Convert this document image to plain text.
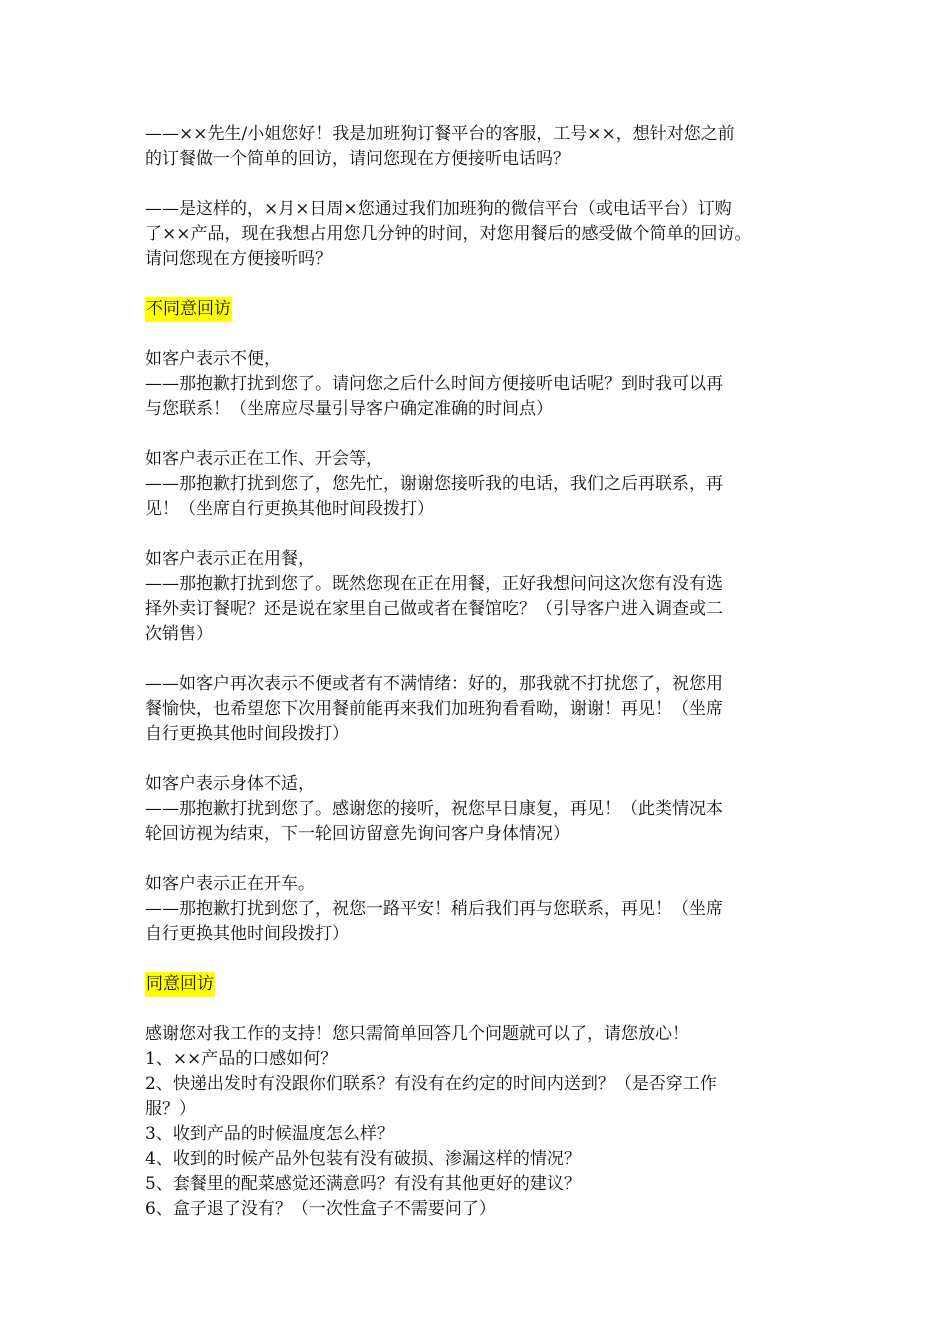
——××先生/小姐您好！我是加班狗订餐平台的客服，工号××，想针对您之前
的订餐做一个简单的回访，请问您现在方便接听电话吗？
——是这样的，×月×日周×您通过我们加班狗的微信平台（或电话平台）订购
了××产品，现在我想占用您几分钟的时间，对您用餐后的感受做个简单的回访。
请问您现在方便接听吗？
不同意回访
如客户表示不便，
——那抱歉打扰到您了。请问您之后什么时间方便接听电话呢？到时我可以再
与您联系！（坐席应尽量引导客户确定准确的时间点）
如客户表示正在工作、开会等，
——那抱歉打扰到您了，您先忙，谢谢您接听我的电话，我们之后再联系，再
见！（坐席自行更换其他时间段拨打）
如客户表示正在用餐，
——那抱歉打扰到您了。既然您现在正在用餐，正好我想问问这次您有没有选
择外卖订餐呢？还是说在家里自己做或者在餐馆吃？（引导客户进入调查或二
次销售）
——如客户再次表示不便或者有不满情绪：好的，那我就不打扰您了，祝您用
餐愉快，也希望您下次用餐前能再来我们加班狗看看呦，谢谢！再见！（坐席
自行更换其他时间段拨打）
如客户表示身体不适，
——那抱歉打扰到您了。感谢您的接听，祝您早日康复，再见！（此类情况本
轮回访视为结束，下一轮回访留意先询问客户身体情况）
如客户表示正在开车。
——那抱歉打扰到您了，祝您一路平安！稍后我们再与您联系，再见！（坐席
自行更换其他时间段拨打）
同意回访
感谢您对我工作的支持！您只需简单回答几个问题就可以了，请您放心！
1、××产品的口感如何？
2、快递出发时有没跟你们联系？有没有在约定的时间内送到？（是否穿工作
服？）
3、收到产品的时候温度怎么样？
4、收到的时候产品外包装有没有破损、渗漏这样的情况？
5、套餐里的配菜感觉还满意吗？有没有其他更好的建议？
6、盒子退了没有？（一次性盒子不需要问了）
